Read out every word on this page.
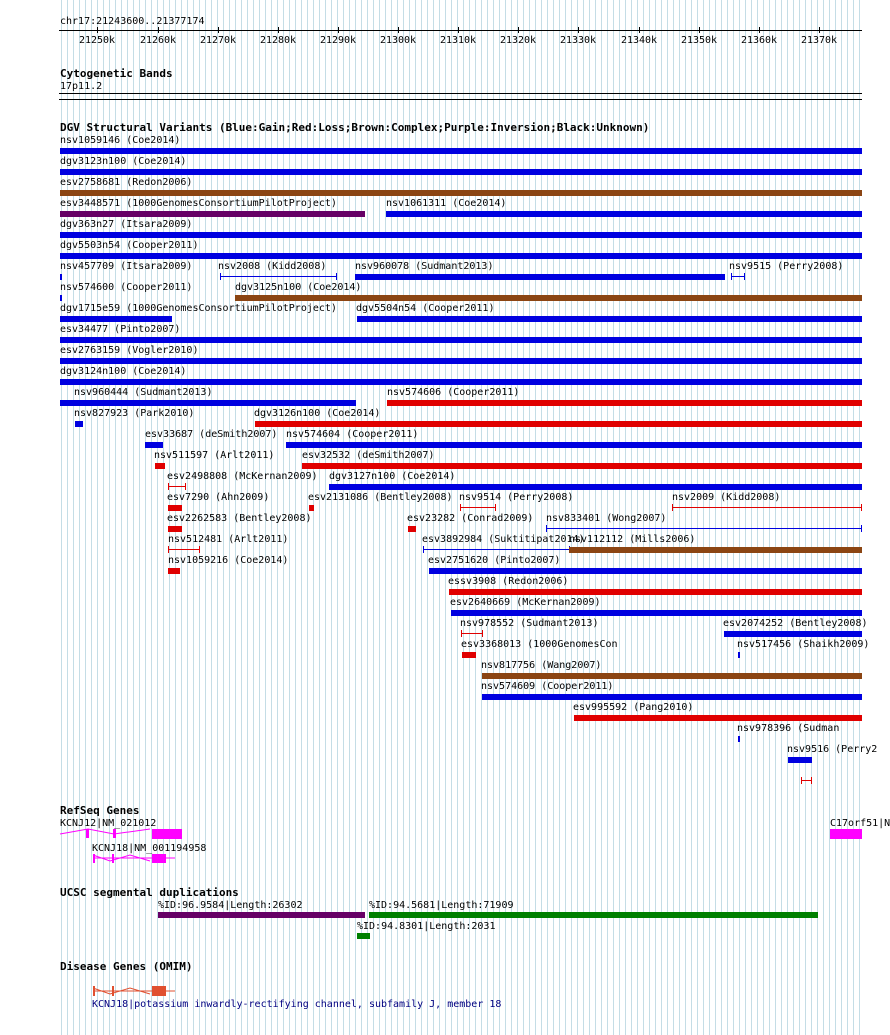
chr17:21243600..21377174
21250k 21260k 21270k 21280k 21290k 21300k 21310k 21320k 21330k 21340k 21350k 21360k 21370k
Cytogenetic Bands
17p11.2
DGV Structural Variants (Blue:Gain;Red:Loss;Brown:Complex;Purple:Inversion;Black:Unknown)
nsv1059146 (Coe2014)
dgv3123n100 (Coe2014)
esv2758681 (Redon2006)
esv3448571 (1000GenomesConsortiumPilotProject)	nsv1061311 (Coe2014)
dgv363n27 (Itsara2009)
dgv5503n54 (Cooper2011)
nsv457709 (Itsara2009)	nsv2008 (Kidd2008)	nsv960078 (Sudmant2013)	nsv9515 (Perry2008)
nsv574600 (Cooper2011)	dgv3125n100 (Coe2014)
dgv1715e59 (1000GenomesConsortiumPilotProject) dgv5504n54 (Cooper2011)
esv34477 (Pinto2007)
esv2763159 (Vogler2010)
dgv3124n100 (Coe2014)
nsv960444 (Sudmant2013)	nsv574606 (Cooper2011)
nsv827923 (Park2010)	dgv3126n100 (Coe2014)
esv33687 (deSmith2007) nsv574604 (Cooper2011)
nsv511597 (Arlt2011)	esv32532 (deSmith2007)
esv2498808 (McKernan2009) dgv3127n100 (Coe2014)
esv7290 (Ahn2009)	esv2131086 (Bentley2008) nsv9514 (Perry2008)	nsv2009 (Kidd2008)
esv2262583 (Bentley2008)	esv23282 (Conrad2009) nsv833401 (Wong2007)
nsv512481 (Arlt2011)	esv3892984 (Suktitipat2014)
nsv112112 (Mills2006)
nsv1059216 (Coe2014)	esv2751620 (Pinto2007)
essv3908 (Redon2006)
esv2640669 (McKernan2009)
nsv978552 (Sudmant2013)	esv2074252 (Bentley2008)
esv3368013 (1000GenomesCon	nsv517456 (Shaikh2009)
nsv817756 (Wang2007)
nsv574609 (Cooper2011)
esv995592 (Pang2010)
nsv978396 (Sudman
nsv9516 (Perry2
RefSeq Genes
KCNJ12|NM_021012
KCNJ18|NM_001194958
C17orf51|N
UCSC segmental duplications
%ID:96.9584|Length:26302	%ID:94.5681|Length:71909
%ID:94.8301|Length:2031
Disease Genes (OMIM)
KCNJ18|potassium inwardly-rectifying channel, subfamily J, member 18
